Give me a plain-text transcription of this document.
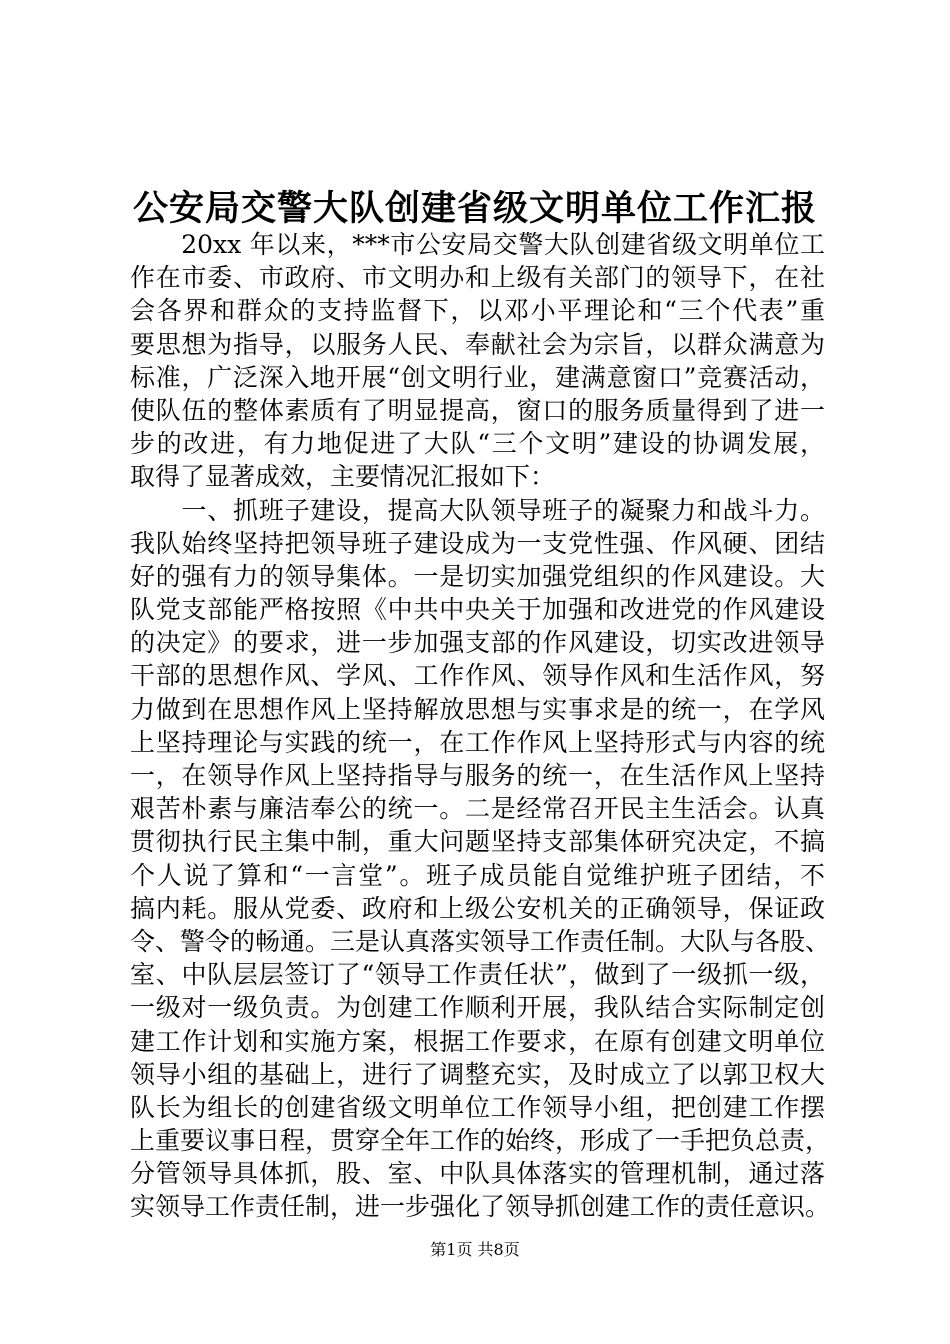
公安局交警大队创建省级文明单位工作汇报
　　20xx 年以来，***市公安局交警大队创建省级文明单位工
作在市委、市政府、市文明办和上级有关部门的领导下，在社
会各界和群众的支持监督下，以邓小平理论和“三个代表”重
要思想为指导，以服务人民、奉献社会为宗旨，以群众满意为
标准，广泛深入地开展“创文明行业，建满意窗口”竞赛活动，
使队伍的整体素质有了明显提高，窗口的服务质量得到了进一
步的改进，有力地促进了大队“三个文明”建设的协调发展，
取得了显著成效，主要情况汇报如下：
　　一、抓班子建设，提高大队领导班子的凝聚力和战斗力。
我队始终坚持把领导班子建设成为一支党性强、作风硬、团结
好的强有力的领导集体。一是切实加强党组织的作风建设。大
队党支部能严格按照《中共中央关于加强和改进党的作风建设
的决定》的要求，进一步加强支部的作风建设，切实改进领导
干部的思想作风、学风、工作作风、领导作风和生活作风，努
力做到在思想作风上坚持解放思想与实事求是的统一，在学风
上坚持理论与实践的统一，在工作作风上坚持形式与内容的统
一，在领导作风上坚持指导与服务的统一，在生活作风上坚持
艰苦朴素与廉洁奉公的统一。二是经常召开民主生活会。认真
贯彻执行民主集中制，重大问题坚持支部集体研究决定，不搞
个人说了算和“一言堂”。班子成员能自觉维护班子团结，不
搞内耗。服从党委、政府和上级公安机关的正确领导，保证政
令、警令的畅通。三是认真落实领导工作责任制。大队与各股、
室、中队层层签订了“领导工作责任状”，做到了一级抓一级，
一级对一级负责。为创建工作顺利开展，我队结合实际制定创
建工作计划和实施方案，根据工作要求，在原有创建文明单位
领导小组的基础上，进行了调整充实，及时成立了以郭卫权大
队长为组长的创建省级文明单位工作领导小组，把创建工作摆
上重要议事日程，贯穿全年工作的始终，形成了一手把负总责，
分管领导具体抓，股、室、中队具体落实的管理机制，通过落
实领导工作责任制，进一步强化了领导抓创建工作的责任意识。
第1页 共8页
